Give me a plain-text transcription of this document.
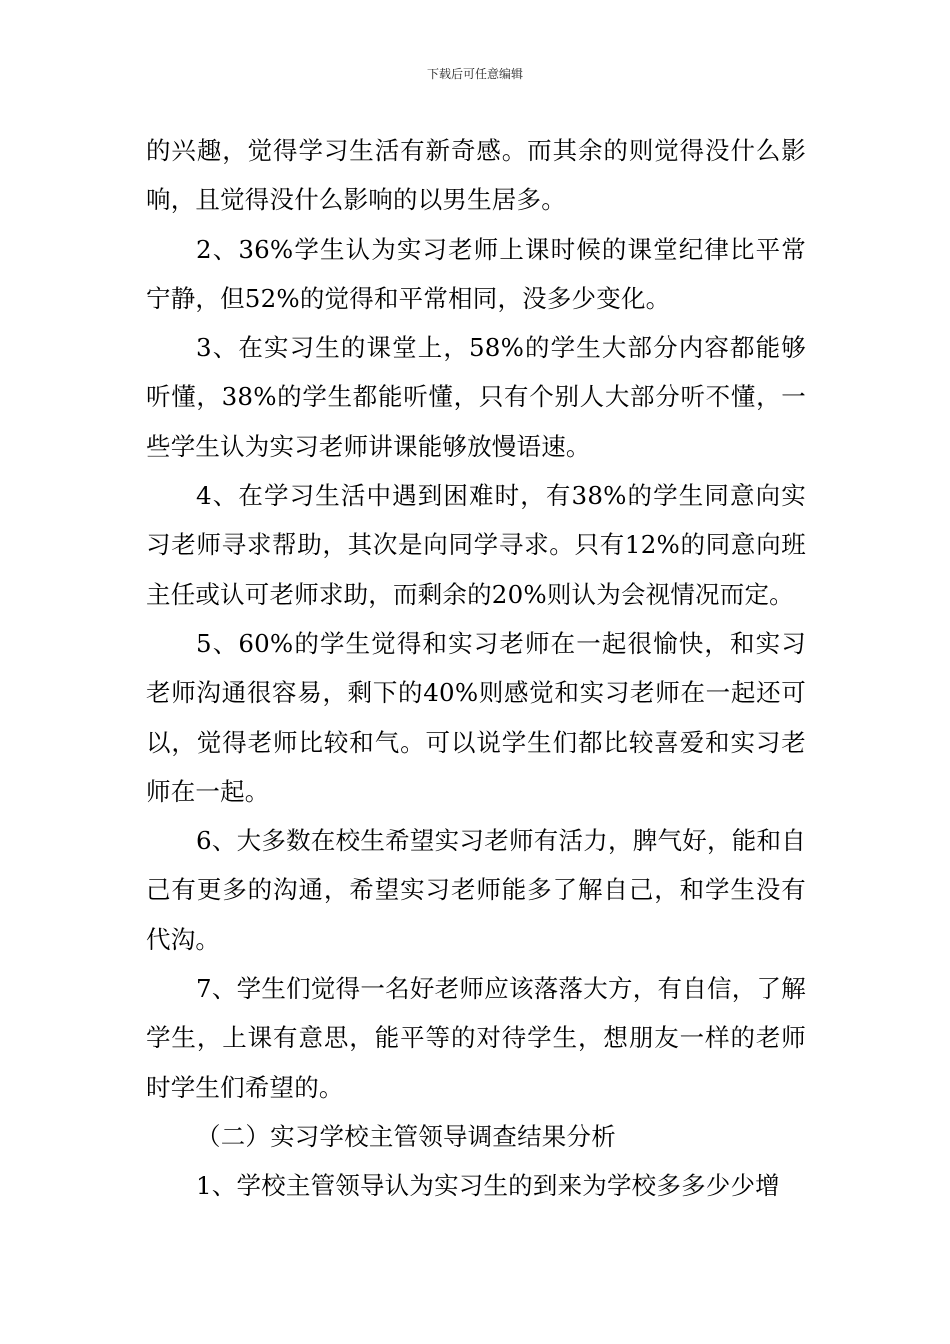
下载后可任意编辑

的兴趣，觉得学习生活有新奇感。而其余的则觉得没什么影响，且觉得没什么影响的以男生居多。

2、36%学生认为实习老师上课时候的课堂纪律比平常宁静，但52%的觉得和平常相同，没多少变化。

3、在实习生的课堂上，58%的学生大部分内容都能够听懂，38%的学生都能听懂，只有个别人大部分听不懂，一些学生认为实习老师讲课能够放慢语速。

4、在学习生活中遇到困难时，有38%的学生同意向实习老师寻求帮助，其次是向同学寻求。只有12%的同意向班主任或认可老师求助，而剩余的20%则认为会视情况而定。

5、60%的学生觉得和实习老师在一起很愉快，和实习老师沟通很容易，剩下的40%则感觉和实习老师在一起还可以，觉得老师比较和气。可以说学生们都比较喜爱和实习老师在一起。

6、大多数在校生希望实习老师有活力，脾气好，能和自己有更多的沟通，希望实习老师能多了解自己，和学生没有代沟。

7、学生们觉得一名好老师应该落落大方，有自信，了解学生，上课有意思，能平等的对待学生，想朋友一样的老师时学生们希望的。

（二）实习学校主管领导调查结果分析

1、学校主管领导认为实习生的到来为学校多多少少增
